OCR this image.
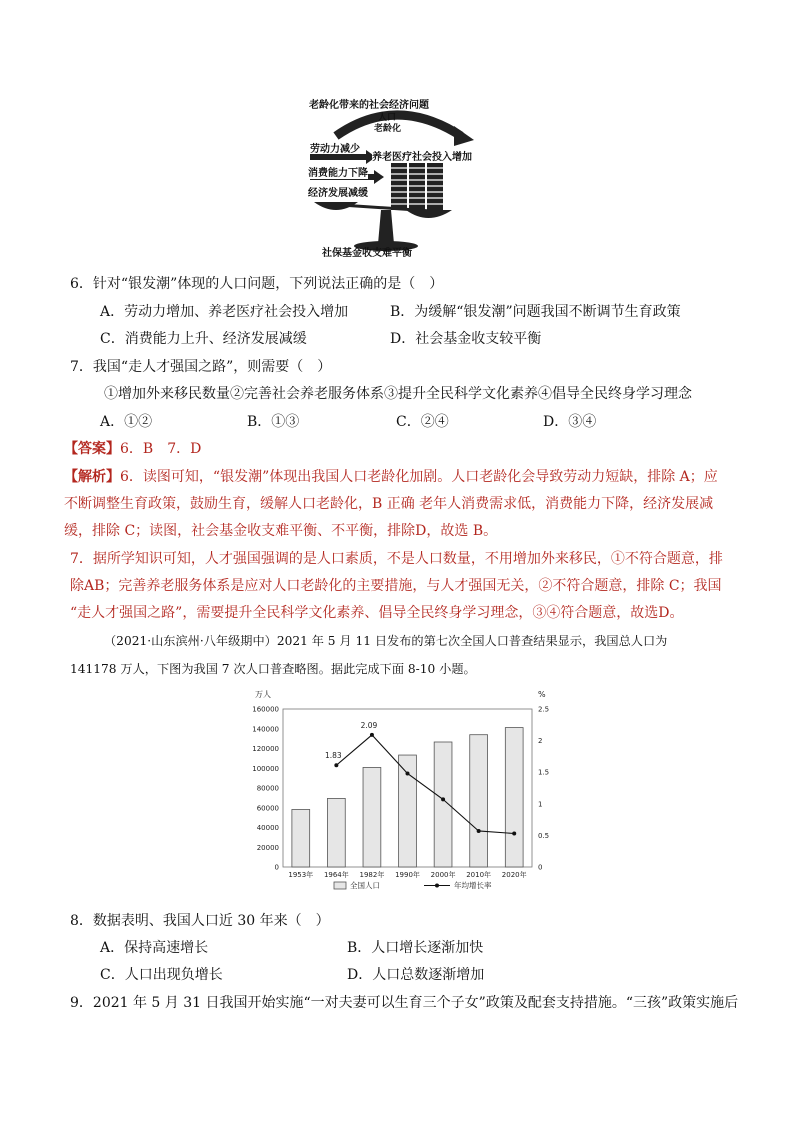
老龄化带来的社会经济问题
人口
老龄化
劳动力减少
消费能力下降
经济发展减缓
养老医疗社会投入增加
社保基金收支难平衡
6．针对“银发潮”体现的人口问题，下列说法正确的是（　）
A．劳动力增加、养老医疗社会投入增加	B．为缓解“银发潮”问题我国不断调节生育政策
C．消费能力上升、经济发展减缓	D．社会基金收支较平衡
7．我国“走人才强国之路”，则需要（　）
①增加外来移民数量②完善社会养老服务体系③提升全民科学文化素养④倡导全民终身学习理念
A．①②	B．①③	C．②④	D．③④
【答案】6．B　7．D
【解析】6．读图可知，“银发潮”体现出我国人口老龄化加剧。人口老龄化会导致劳动力短缺，排除 A；应
不断调整生育政策，鼓励生育，缓解人口老龄化，B 正确 老年人消费需求低，消费能力下降，经济发展减
缓，排除 C；读图，社会基金收支难平衡、不平衡，排除D，故选 B。
7．据所学知识可知，人才强国强调的是人口素质，不是人口数量，不用增加外来移民，①不符合题意，排
除AB；完善养老服务体系是应对人口老龄化的主要措施，与人才强国无关，②不符合题意，排除 C；我国
“走人才强国之路”，需要提升全民科学文化素养、倡导全民终身学习理念，③④符合题意，故选D。
（2021·山东滨州·八年级期中）2021 年 5 月 11 日发布的第七次全国人口普查结果显示，我国总人口为
141178 万人，下图为我国 7 次人口普查略图。据此完成下面 8-10 小题。
万人	%
0
20000
40000
60000
80000
100000
120000
140000
160000
0
0.5
1
1.5
2
2.5
1953年 1964年 1982年 1990年 2000年 2010年 2020年
1.83
2.09
全国人口	年均增长率
8．数据表明、我国人口近 30 年来（　）
A．保持高速增长	B．人口增长逐渐加快
C．人口出现负增长	D．人口总数逐渐增加
9．2021 年 5 月 31 日我国开始实施“一对夫妻可以生育三个子女”政策及配套支持措施。“三孩”政策实施后
